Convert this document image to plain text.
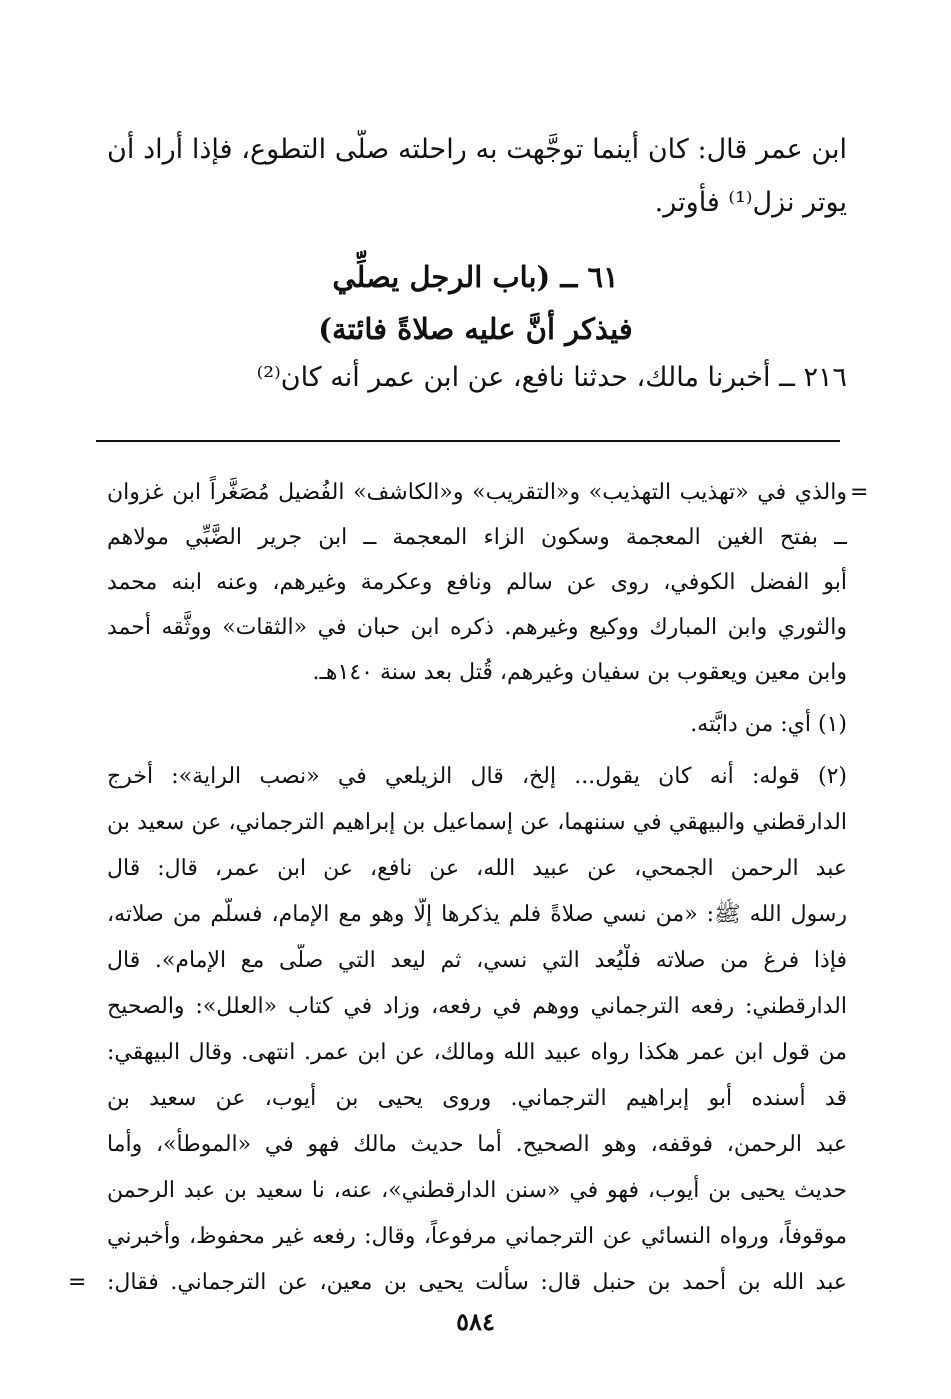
ابن عمر قال: كان أينما توجَّهت به راحلته صلَّى التطوع، فإذا أراد أن
يوتر نزل⁽¹⁾ فأوتر.
٦١ ــ (باب الرجل يصلِّي
فيذكر أنَّ عليه صلاةً فائتة)
٢١٦ ــ أخبرنا مالك، حدثنا نافع، عن ابن عمر أنه كان⁽²⁾
=
والذي في «تهذيب التهذيب» و«التقريب» و«الكاشف» الفُضيل مُصَغَّراً ابن غزوان
ــ بفتح الغين المعجمة وسكون الزاء المعجمة ــ ابن جرير الضَّبِّي مولاهم
أبو الفضل الكوفي، روى عن سالم ونافع وعكرمة وغيرهم، وعنه ابنه محمد
والثوري وابن المبارك ووكيع وغيرهم. ذكره ابن حبان في «الثقات» ووثَّقه أحمد
وابن معين ويعقوب بن سفيان وغيرهم، قُتل بعد سنة ١٤٠هـ.
(١) أي: من دابَّته.
(٢) قوله: أنه كان يقول... إلخ، قال الزيلعي في «نصب الراية»: أخرج
الدارقطني والبيهقي في سننهما، عن إسماعيل بن إبراهيم الترجماني، عن سعيد بن
عبد الرحمن الجمحي، عن عبيد الله، عن نافع، عن ابن عمر، قال: قال
رسول الله ﷺ: «من نسي صلاةً فلم يذكرها إلَّا وهو مع الإمام، فسلَّم من صلاته،
فإذا فرغ من صلاته فلْيُعد التي نسي، ثم ليعد التي صلَّى مع الإمام». قال
الدارقطني: رفعه الترجماني ووهم في رفعه، وزاد في كتاب «العلل»: والصحيح
من قول ابن عمر هكذا رواه عبيد الله ومالك، عن ابن عمر. انتهى. وقال البيهقي:
قد أسنده أبو إبراهيم الترجماني. وروى يحيى بن أيوب، عن سعيد بن
عبد الرحمن، فوقفه، وهو الصحيح. أما حديث مالك فهو في «الموطأ»، وأما
حديث يحيى بن أيوب، فهو في «سنن الدارقطني»، عنه، نا سعيد بن عبد الرحمن
موقوفاً، ورواه النسائي عن الترجماني مرفوعاً، وقال: رفعه غير محفوظ، وأخبرني
عبد الله بن أحمد بن حنبل قال: سألت يحيى بن معين، عن الترجماني. فقال:
=
٥٨٤
